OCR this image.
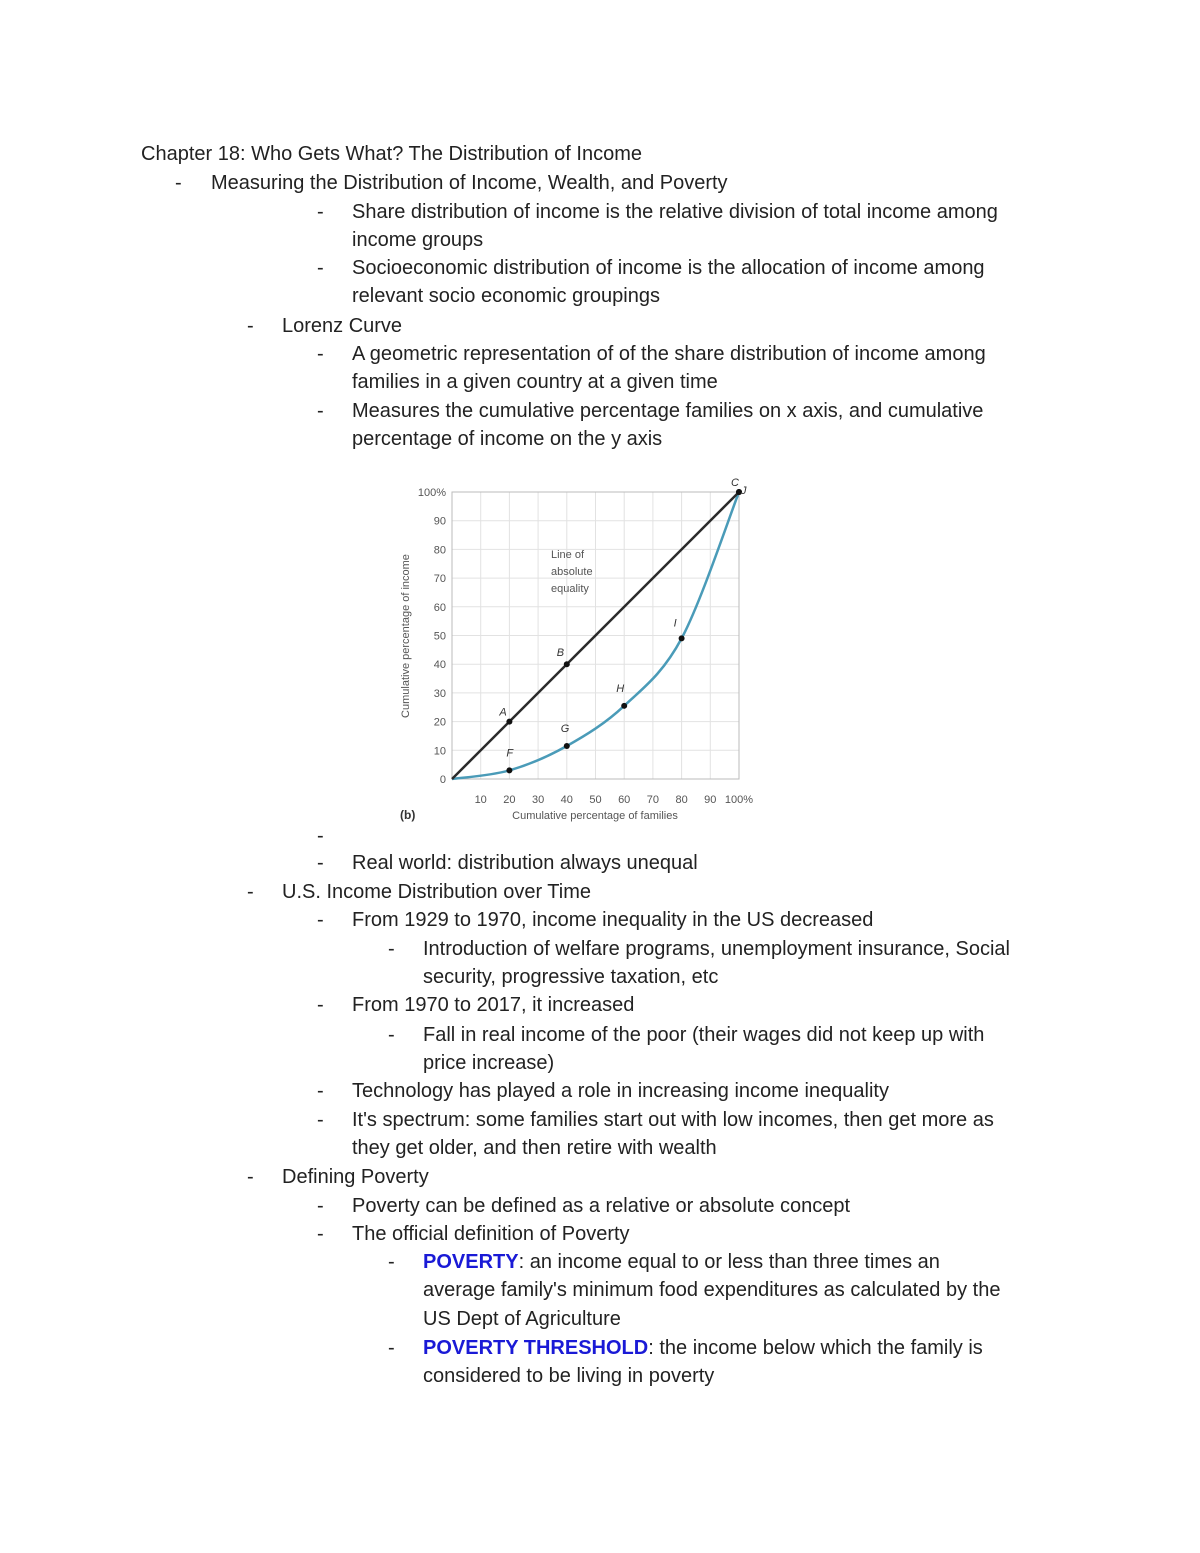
Chapter 18: Who Gets What? The Distribution of Income
- Measuring the Distribution of Income, Wealth, and Poverty
- Share distribution of income is the relative division of total income among
income groups
- Socioeconomic distribution of income is the allocation of income among
relevant socio economic groupings
- Lorenz Curve
- A geometric representation of of the share distribution of income among
families in a given country at a given time
- Measures the cumulative percentage families on x axis, and cumulative
percentage of income on the y axis
0
10
20
30
40
50
60
70
80
90
100%
10 20 30 40 50 60 70 80 90 100%
Cumulative percentage of income
Cumulative percentage of families
(b)
Line of
absolute
equality
A
B
C
F
G
H
I
J
-
- Real world: distribution always unequal
- U.S. Income Distribution over Time
- From 1929 to 1970, income inequality in the US decreased
- Introduction of welfare programs, unemployment insurance, Social
security, progressive taxation, etc
- From 1970 to 2017, it increased
- Fall in real income of the poor (their wages did not keep up with
price increase)
- Technology has played a role in increasing income inequality
- It's spectrum: some families start out with low incomes, then get more as
they get older, and then retire with wealth
- Defining Poverty
- Poverty can be defined as a relative or absolute concept
- The official definition of Poverty
- POVERTY: an income equal to or less than three times an
average family's minimum food expenditures as calculated by the
US Dept of Agriculture
- POVERTY THRESHOLD: the income below which the family is
considered to be living in poverty
